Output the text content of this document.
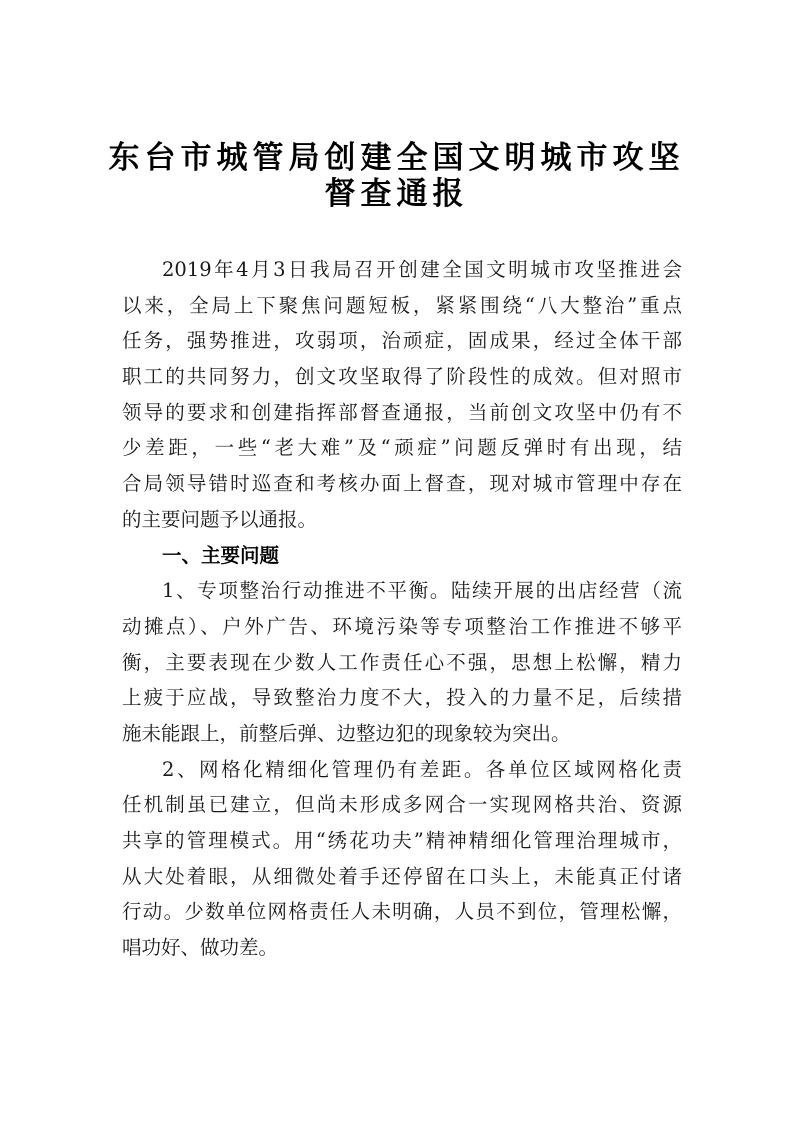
东台市城管局创建全国文明城市攻坚
督查通报
2019年4月3日我局召开创建全国文明城市攻坚推进会
以来，全局上下聚焦问题短板，紧紧围绕“八大整治”重点
任务，强势推进，攻弱项，治顽症，固成果，经过全体干部
职工的共同努力，创文攻坚取得了阶段性的成效。但对照市
领导的要求和创建指挥部督查通报，当前创文攻坚中仍有不
少差距，一些“老大难”及“顽症”问题反弹时有出现，结
合局领导错时巡查和考核办面上督查，现对城市管理中存在
的主要问题予以通报。
一、主要问题
1、专项整治行动推进不平衡。陆续开展的出店经营（流
动摊点）、户外广告、环境污染等专项整治工作推进不够平
衡，主要表现在少数人工作责任心不强，思想上松懈，精力
上疲于应战，导致整治力度不大，投入的力量不足，后续措
施未能跟上，前整后弹、边整边犯的现象较为突出。
2、网格化精细化管理仍有差距。各单位区域网格化责
任机制虽已建立，但尚未形成多网合一实现网格共治、资源
共享的管理模式。用“绣花功夫”精神精细化管理治理城市，
从大处着眼，从细微处着手还停留在口头上，未能真正付诸
行动。少数单位网格责任人未明确，人员不到位，管理松懈，
唱功好、做功差。
